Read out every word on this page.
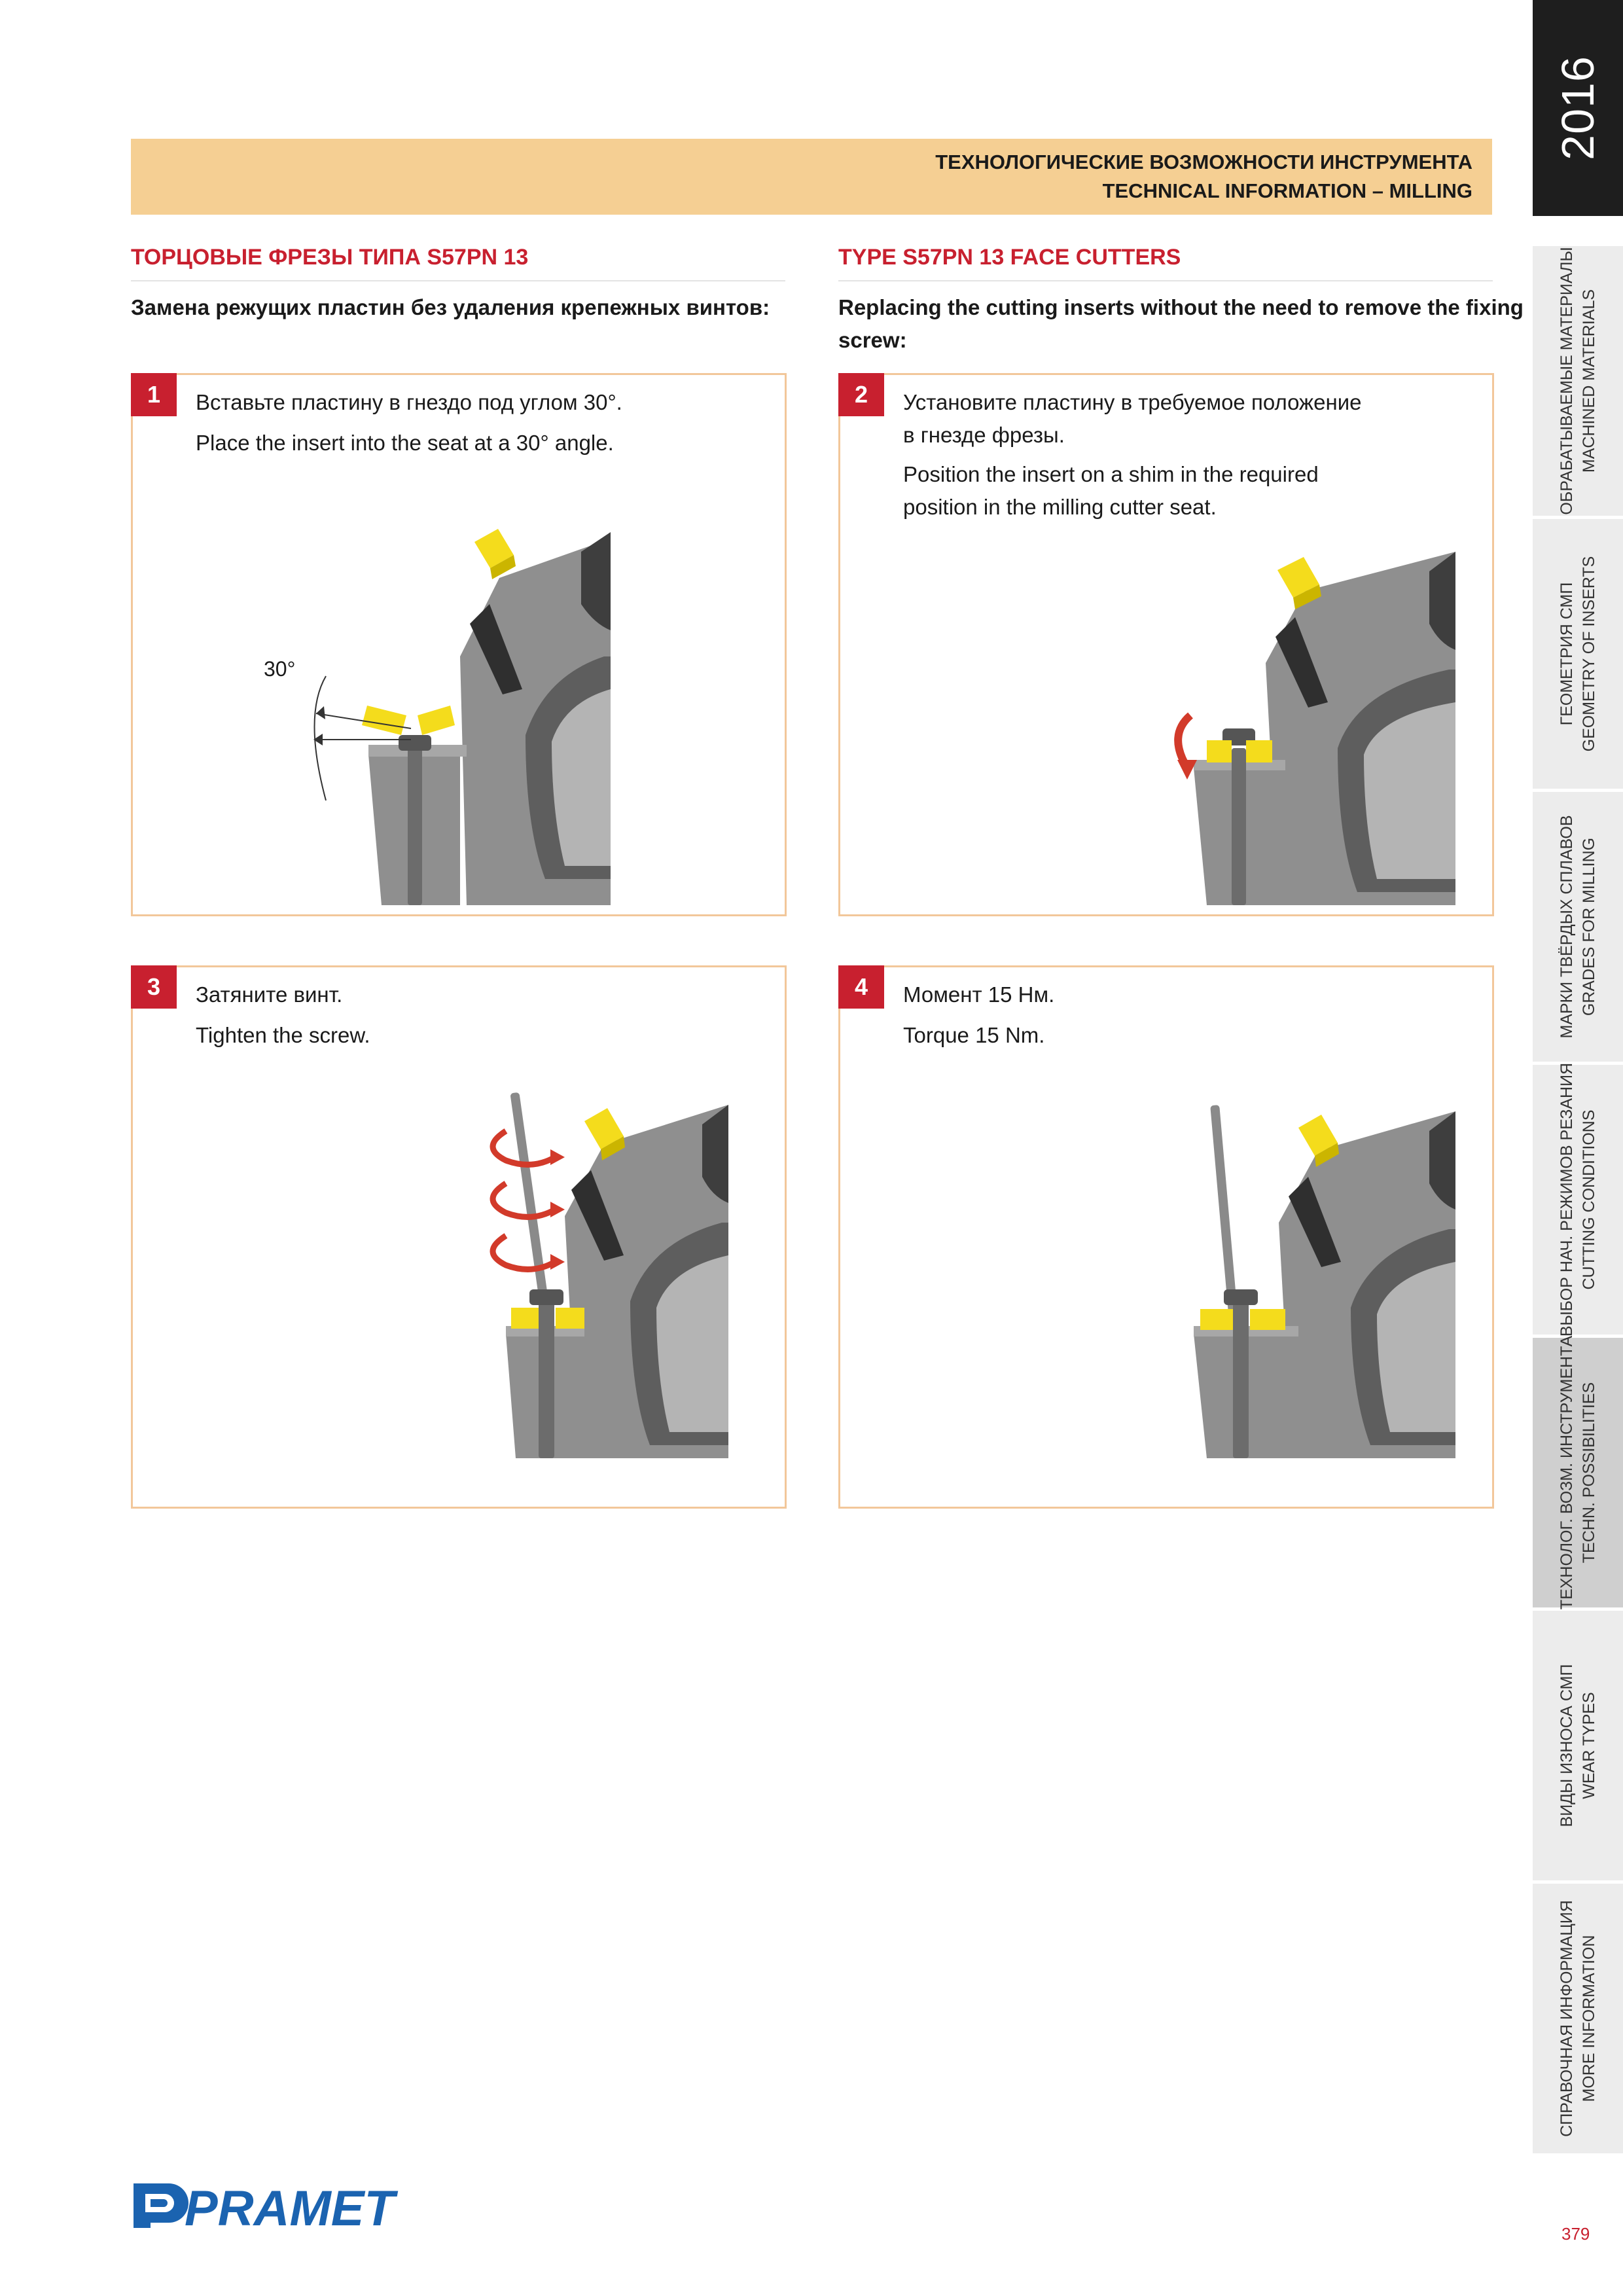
ТЕХНОЛОГИЧЕСКИЕ ВОЗМОЖНОСТИ ИНСТРУМЕНТА
TECHNICAL INFORMATION – MILLING
ТОРЦОВЫЕ ФРЕЗЫ ТИПА S57PN 13
Замена режущих пластин без удаления крепежных винтов:
TYPE S57PN 13 FACE CUTTERS
Replacing the cutting inserts without the need to remove the fixing
screw:
1	Вставьте пластину в гнездо под углом 30°.
Place the insert into the seat at a 30° angle.
30°
2	Установите пластину в требуемое положение
в гнезде фрезы.
Position the insert on a shim in the required
position in the milling cutter seat.
3	Затяните винт.
Tighten the screw.
4	Момент 15 Нм.
Torque 15 Nm.
2016
ОБРАБАТЫВАЕМЫЕ МАТЕРИАЛЫ MACHINED MATERIALS
ГЕОМЕТРИЯ СМП GEOMETRY OF INSERTS
МАРКИ ТВЁРДЫХ СПЛАВОВ GRADES FOR MILLING
ВЫБОР НАЧ. РЕЖИМОВ РЕЗАНИЯ CUTTING CONDITIONS
ТЕХНОЛОГ. ВОЗМ. ИНСТРУМЕНТА TECHN. POSSIBILITIES
ВИДЫ ИЗНОСА СМП WEAR TYPES
СПРАВОЧНАЯ ИНФОРМАЦИЯ MORE INFORMATION
PRAMET	379
